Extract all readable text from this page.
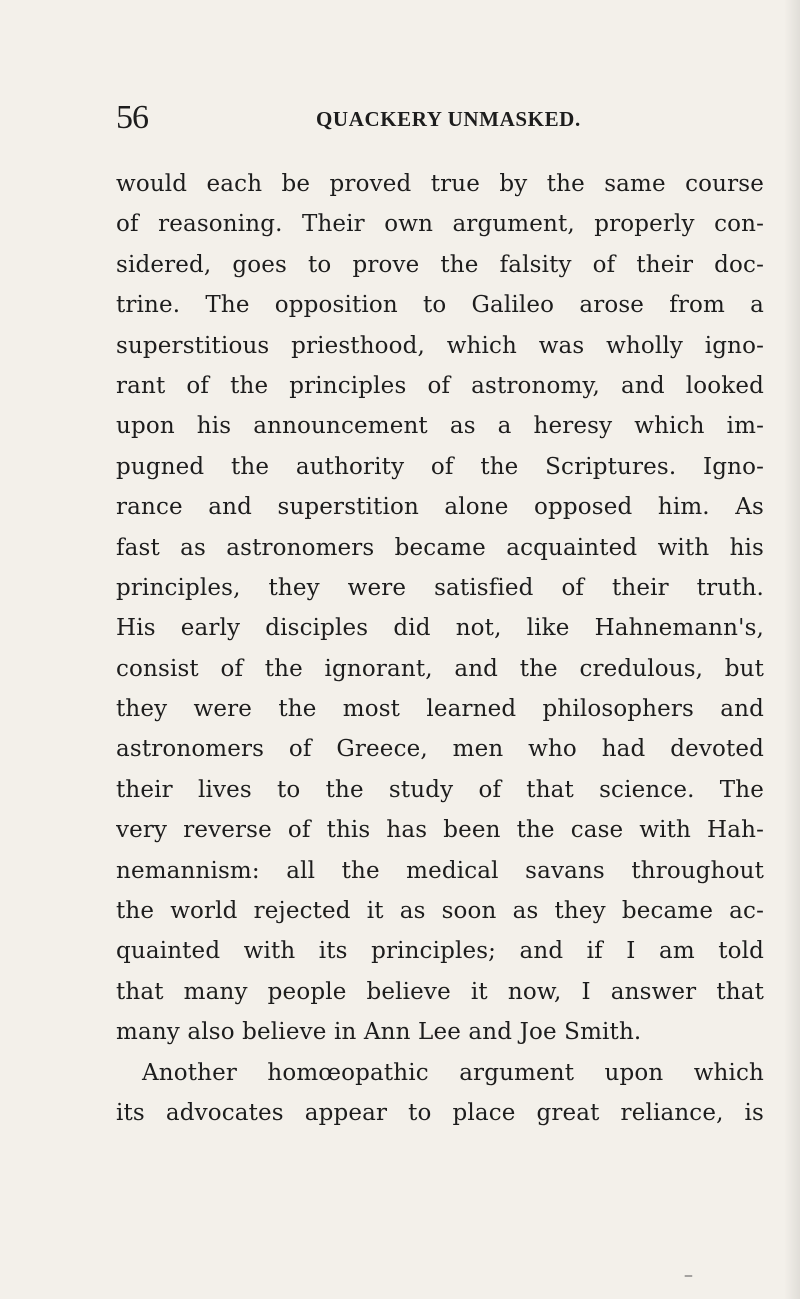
56	QUACKERY UNMASKED.
would each be proved true by the same course
of reasoning. Their own argument, properly con-
sidered, goes to prove the falsity of their doc-
trine. The opposition to Galileo arose from a
superstitious priesthood, which was wholly igno-
rant of the principles of astronomy, and looked
upon his announcement as a heresy which im-
pugned the authority of the Scriptures. Igno-
rance and superstition alone opposed him. As
fast as astronomers became acquainted with his
principles, they were satisfied of their truth.
His early disciples did not, like Hahnemann's,
consist of the ignorant, and the credulous, but
they were the most learned philosophers and
astronomers of Greece, men who had devoted
their lives to the study of that science. The
very reverse of this has been the case with Hah-
nemannism: all the medical savans throughout
the world rejected it as soon as they became ac-
quainted with its principles; and if I am told
that many people believe it now, I answer that
many also believe in Ann Lee and Joe Smith.
Another homœopathic argument upon which
its advocates appear to place great reliance, is
‒
